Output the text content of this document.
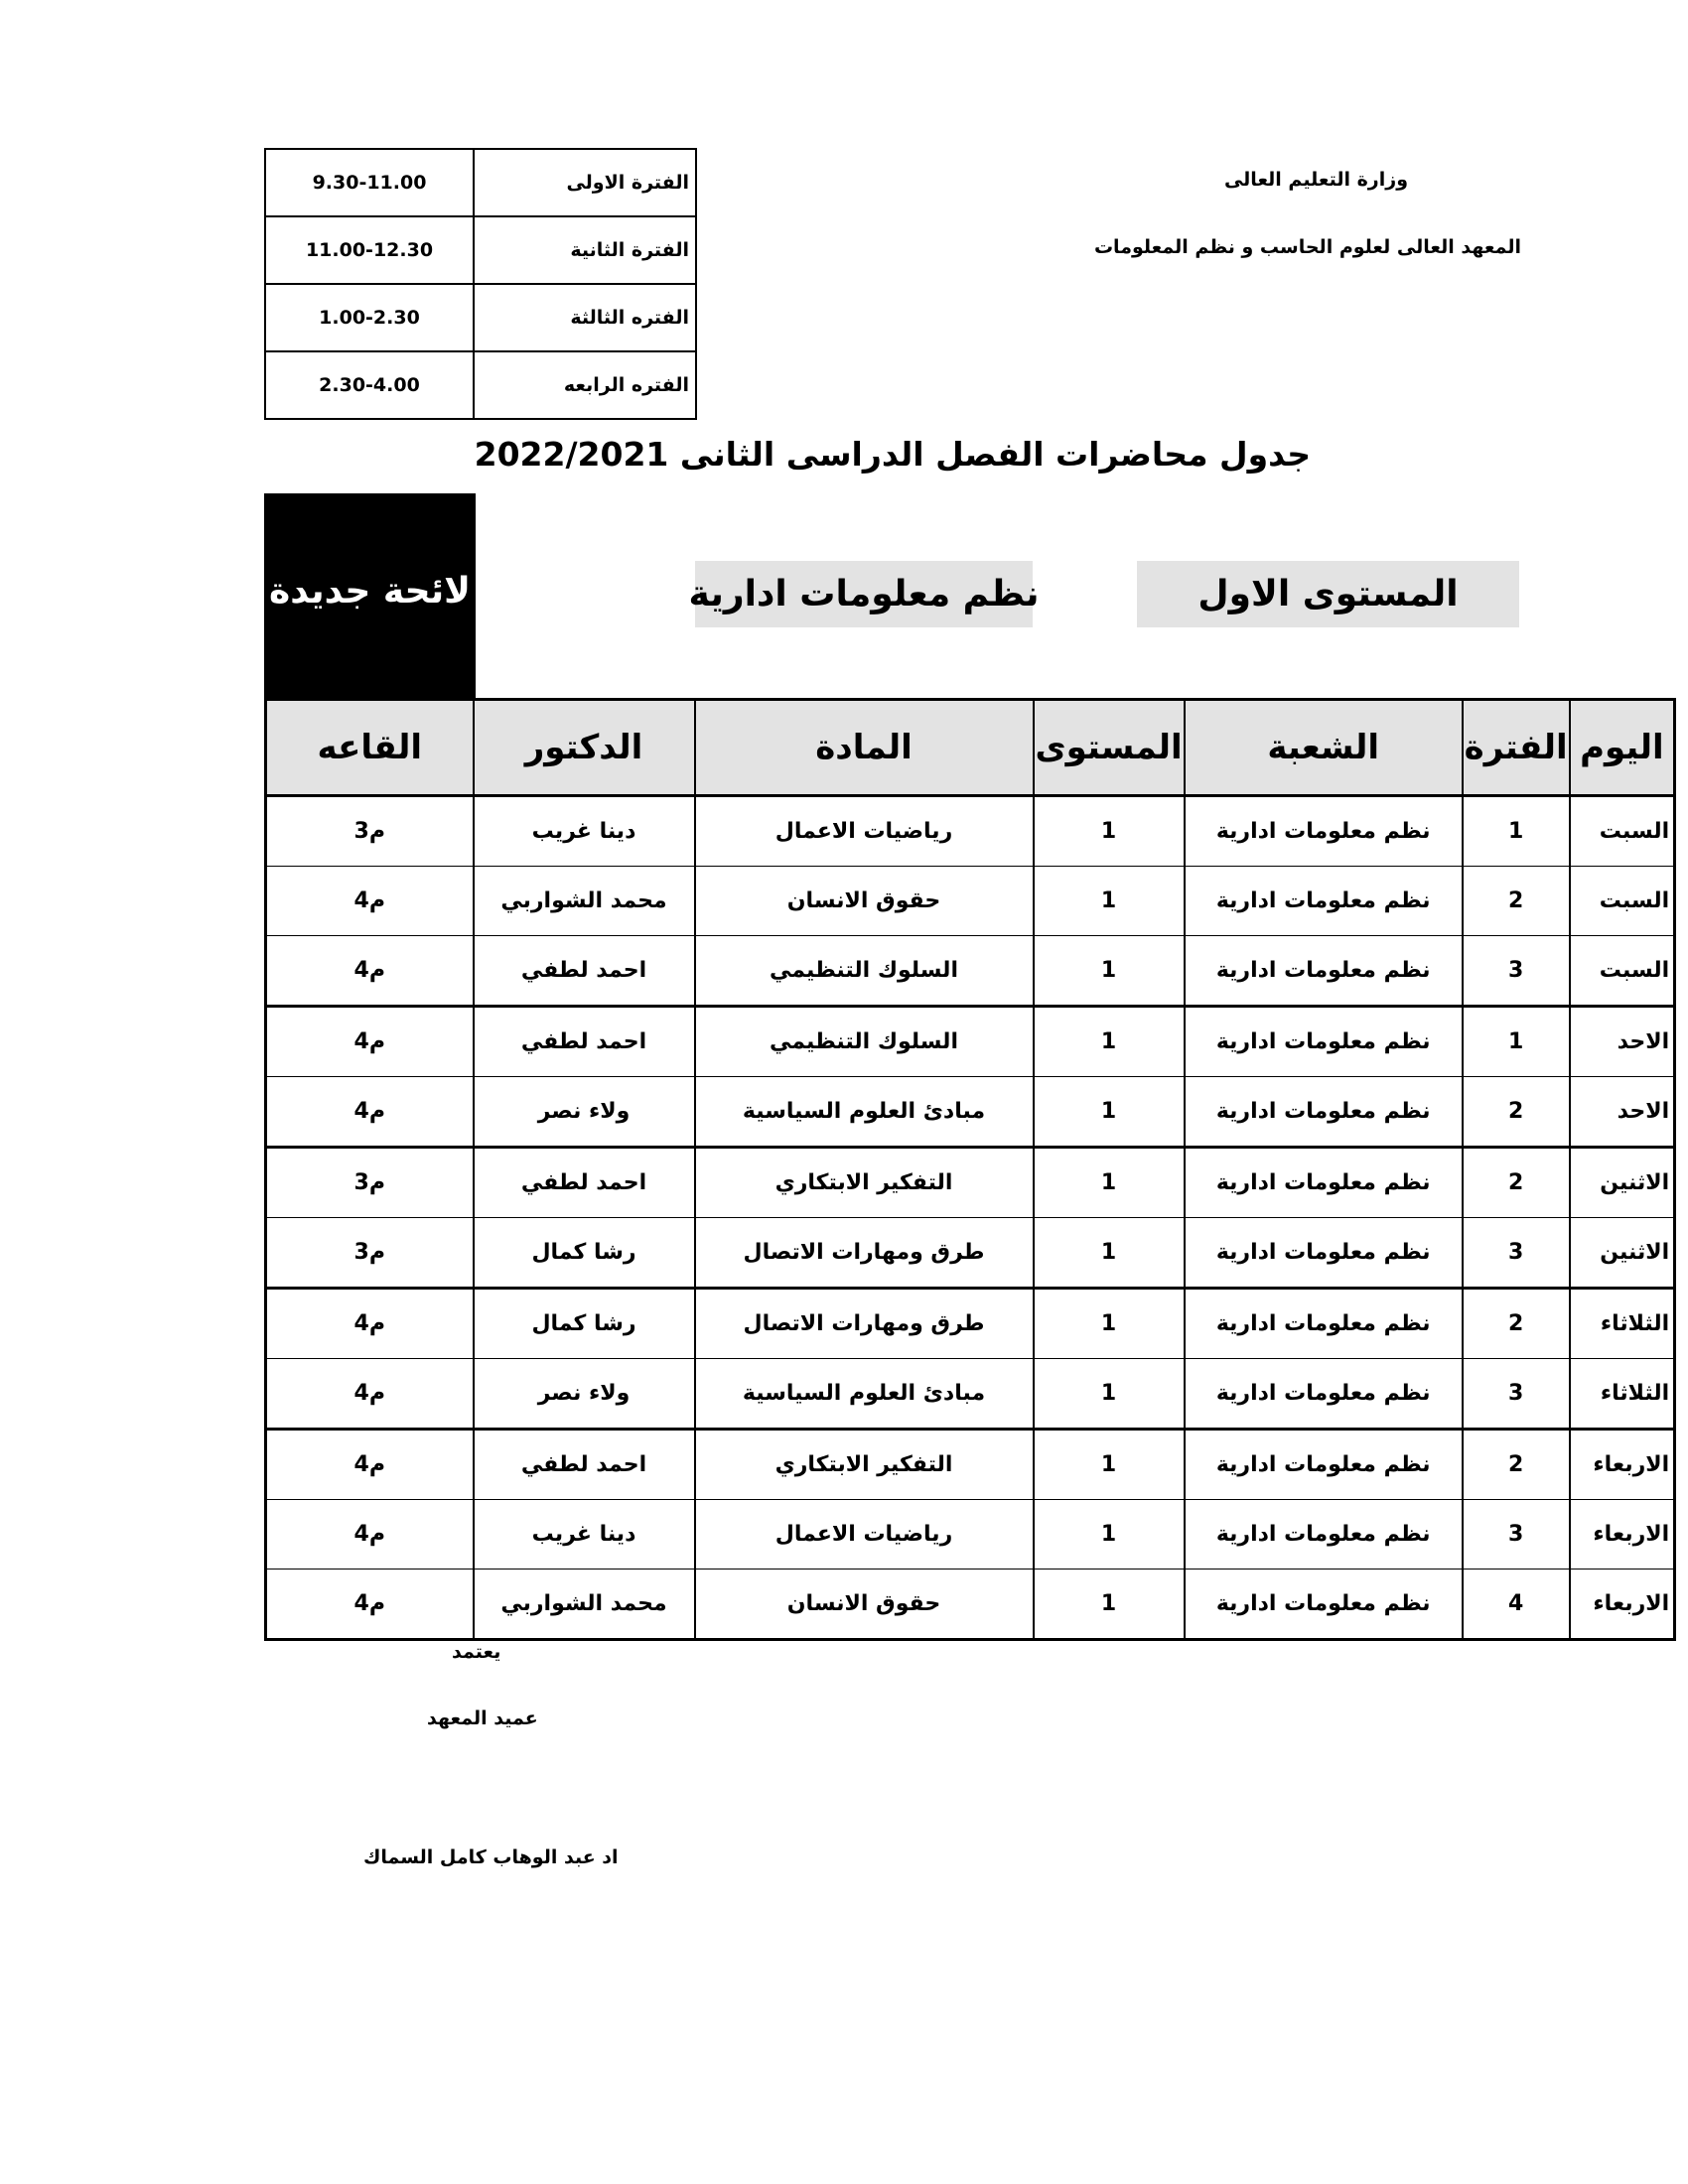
وزارة التعليم العالى
المعهد العالى لعلوم الحاسب و نظم المعلومات
الفترة الاولى	9.30-11.00
الفترة الثانية	11.00-12.30
الفتره الثالثة	1.00-2.30
الفتره الرابعه	2.30-4.00
جدول محاضرات الفصل الدراسى الثانى 2022/2021
لائحة جديدة	نظم معلومات ادارية	المستوى الاول
اليوم	الفترة	الشعبة	المستوى	المادة	الدكتور	القاعه
السبت	1	نظم معلومات ادارية	1	رياضيات الاعمال	دينا غريب	م3
السبت	2	نظم معلومات ادارية	1	حقوق الانسان	محمد الشواربي	م4
السبت	3	نظم معلومات ادارية	1	السلوك التنظيمي	احمد لطفي	م4
الاحد	1	نظم معلومات ادارية	1	السلوك التنظيمي	احمد لطفي	م4
الاحد	2	نظم معلومات ادارية	1	مبادئ العلوم السياسية	ولاء نصر	م4
الاثنين	2	نظم معلومات ادارية	1	التفكير الابتكاري	احمد لطفي	م3
الاثنين	3	نظم معلومات ادارية	1	طرق ومهارات الاتصال	رشا كمال	م3
الثلاثاء	2	نظم معلومات ادارية	1	طرق ومهارات الاتصال	رشا كمال	م4
الثلاثاء	3	نظم معلومات ادارية	1	مبادئ العلوم السياسية	ولاء نصر	م4
الاربعاء	2	نظم معلومات ادارية	1	التفكير الابتكاري	احمد لطفي	م4
الاربعاء	3	نظم معلومات ادارية	1	رياضيات الاعمال	دينا غريب	م4
الاربعاء	4	نظم معلومات ادارية	1	حقوق الانسان	محمد الشواربي	م4
يعتمد
عميد المعهد
اد عبد الوهاب كامل السماك
